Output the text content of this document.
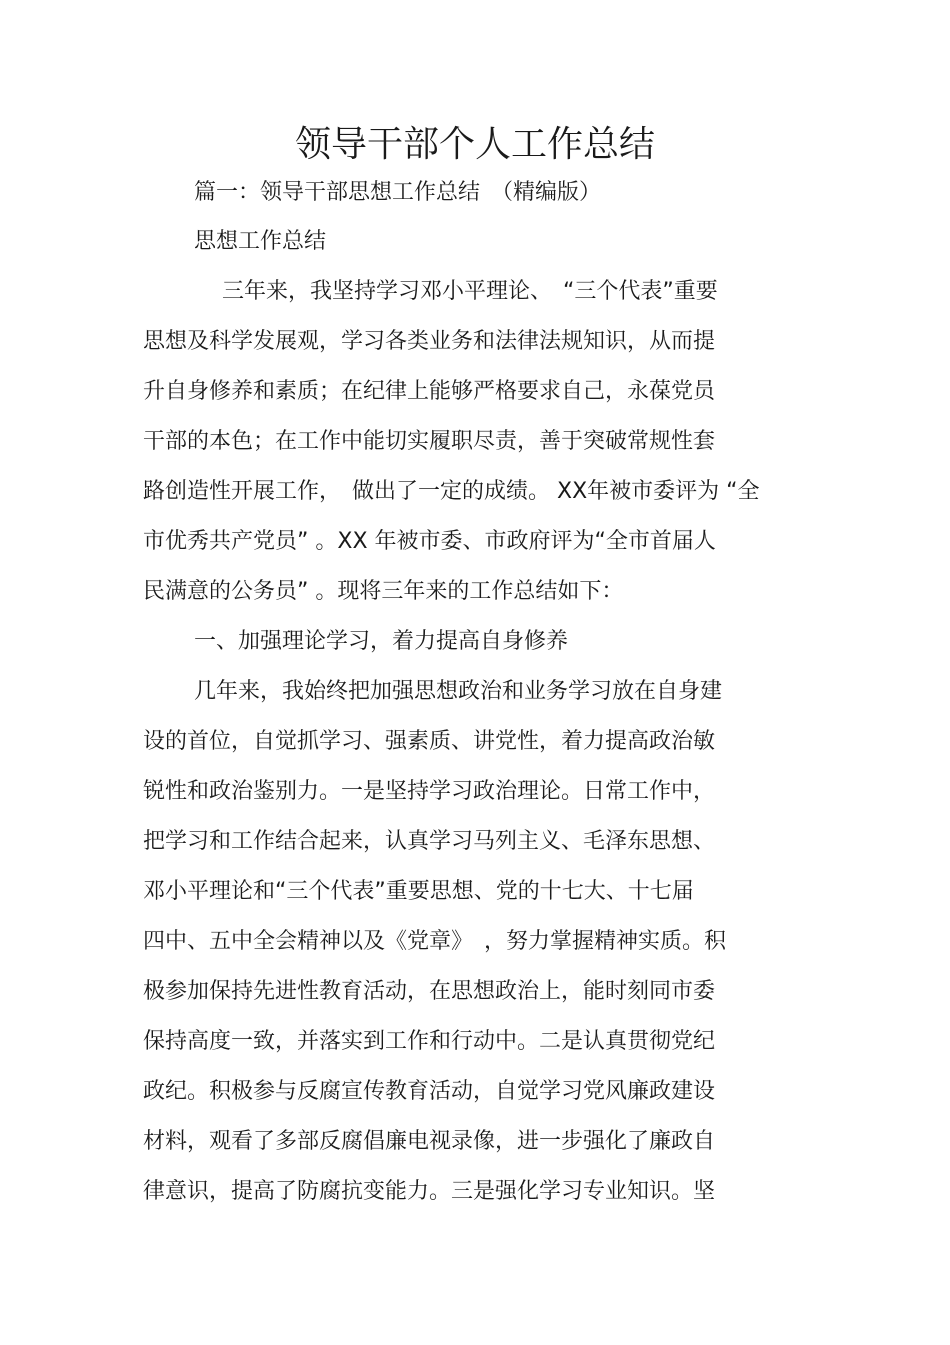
领导干部个人工作总结
篇一：领导干部思想工作总结　（精编版）
思想工作总结
三年来，我坚持学习邓小平理论、　“三个代表”重要
思想及科学发展观，学习各类业务和法律法规知识，从而提
升自身修养和素质；在纪律上能够严格要求自己，永葆党员
干部的本色；在工作中能切实履职尽责，善于突破常规性套
路创造性开展工作，　做出了一定的成绩。 XX年被市委评为 “全
市优秀共产党员” 。XX 年被市委、市政府评为“全市首届人
民满意的公务员” 。现将三年来的工作总结如下：
一、加强理论学习，着力提高自身修养
几年来，我始终把加强思想政治和业务学习放在自身建
设的首位，自觉抓学习、强素质、讲党性，着力提高政治敏
锐性和政治鉴别力。一是坚持学习政治理论。日常工作中，
把学习和工作结合起来，认真学习马列主义、毛泽东思想、
邓小平理论和“三个代表”重要思想、党的十七大、十七届
四中、五中全会精神以及《党章》　，努力掌握精神实质。积
极参加保持先进性教育活动，在思想政治上，能时刻同市委
保持高度一致，并落实到工作和行动中。二是认真贯彻党纪
政纪。积极参与反腐宣传教育活动，自觉学习党风廉政建设
材料，观看了多部反腐倡廉电视录像，进一步强化了廉政自
律意识，提高了防腐抗变能力。三是强化学习专业知识。坚
